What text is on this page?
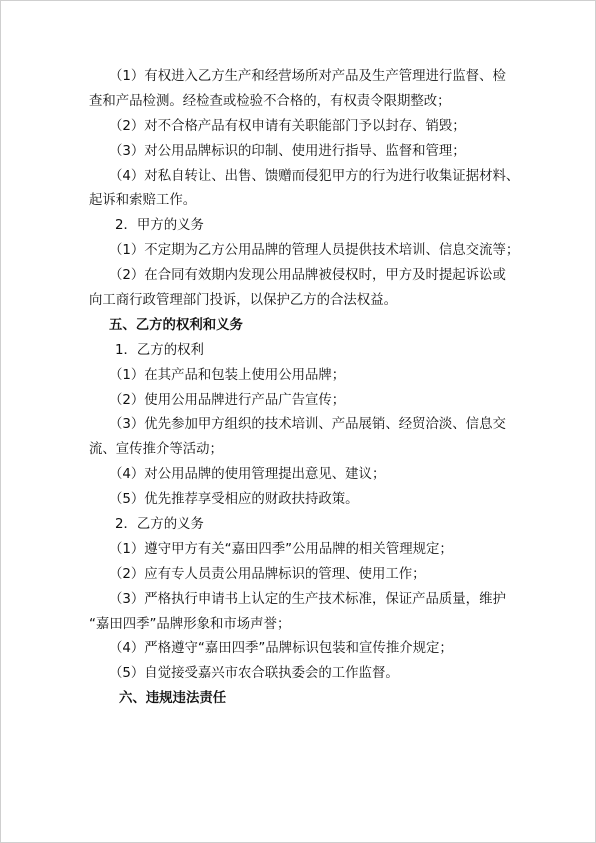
（1）有权进入乙方生产和经营场所对产品及生产管理进行监督、检
查和产品检测。经检查或检验不合格的，有权责令限期整改；
（2）对不合格产品有权申请有关职能部门予以封存、销毁；
（3）对公用品牌标识的印制、使用进行指导、监督和管理；
（4）对私自转让、出售、馈赠而侵犯甲方的行为进行收集证据材料、
起诉和索赔工作。
2．甲方的义务
（1）不定期为乙方公用品牌的管理人员提供技术培训、信息交流等；
（2）在合同有效期内发现公用品牌被侵权时，甲方及时提起诉讼或
向工商行政管理部门投诉，以保护乙方的合法权益。
五、乙方的权利和义务
1．乙方的权利
（1）在其产品和包装上使用公用品牌；
（2）使用公用品牌进行产品广告宣传；
（3）优先参加甲方组织的技术培训、产品展销、经贸洽淡、信息交
流、宣传推介等活动；
（4）对公用品牌的使用管理提出意见、建议；
（5）优先推荐享受相应的财政扶持政策。
2．乙方的义务
（1）遵守甲方有关“嘉田四季”公用品牌的相关管理规定；
（2）应有专人员责公用品牌标识的管理、使用工作；
（3）严格执行申请书上认定的生产技术标准，保证产品质量，维护
“嘉田四季”品牌形象和市场声誉；
（4）严格遵守“嘉田四季”品牌标识包装和宣传推介规定；
（5）自觉接受嘉兴市农合联执委会的工作监督。
六、违规违法责任
